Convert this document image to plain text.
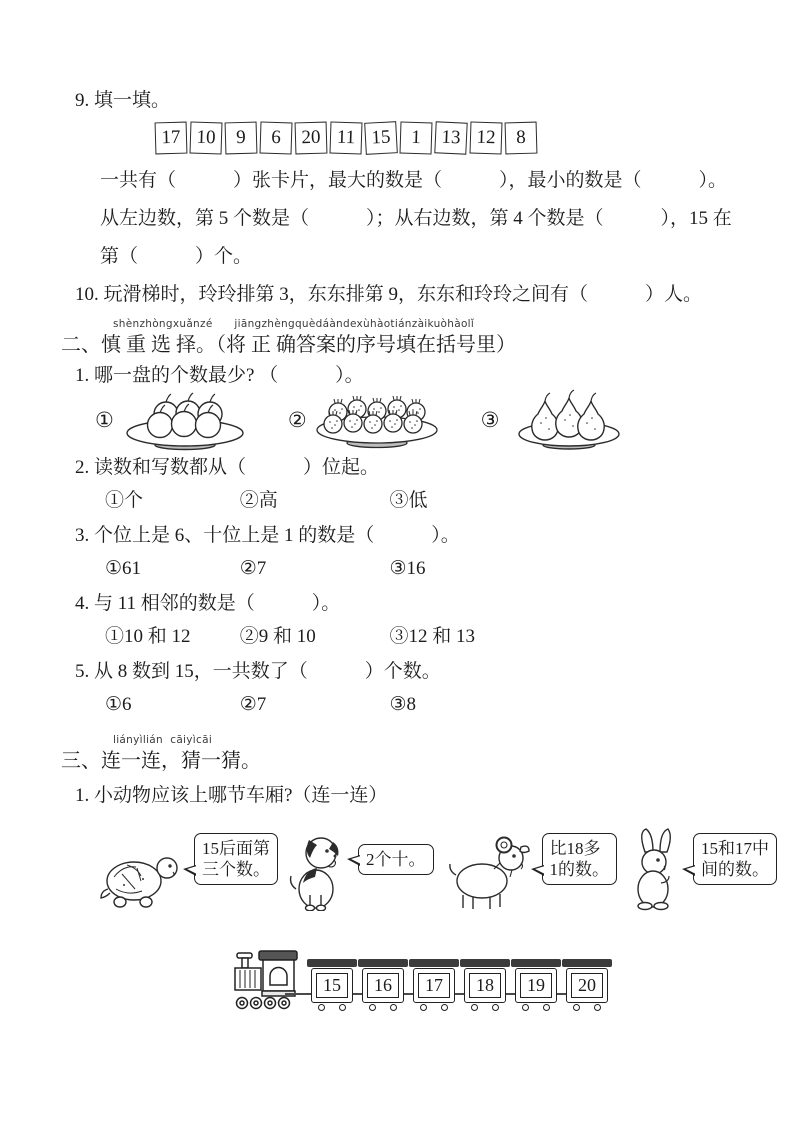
9. 填一填。
17 10	9	6	20 11 15	1	13 12	8
一共有（　　　）张卡片，最大的数是（　　　），最小的数是（　　　）。
从左边数，第 5 个数是（　　　）；从右边数，第 4 个数是（　　　），15 在
第（　　　）个。
10. 玩滑梯时，玲玲排第 3，东东排第 9，东东和玲玲之间有（　　　）人。
shènzhòngxuǎnzé      jiāngzhèngquèdáàndexùhàotiánzàikuòhàolǐ
二、慎 重 选 择。（将 正 确答案的序号填在括号里）
1. 哪一盘的个数最少? （　　　）。
①	②	③
2. 读数和写数都从（　　　）位起。
①个	②高	③低
3. 个位上是 6、十位上是 1 的数是（　　　）。
①61	②7	③16
4. 与 11 相邻的数是（　　　）。
①10 和 12	②9 和 10	③12 和 13
5. 从 8 数到 15，一共数了（　　　）个数。
①6	②7	③8
liányìlián  cāiyìcāi
三、连一连，猜一猜。
1. 小动物应该上哪节车厢?（连一连）
15后面第
三个数。
2个十。
比18多
1的数。
15和17中
间的数。
15	16	17	18	19	20
